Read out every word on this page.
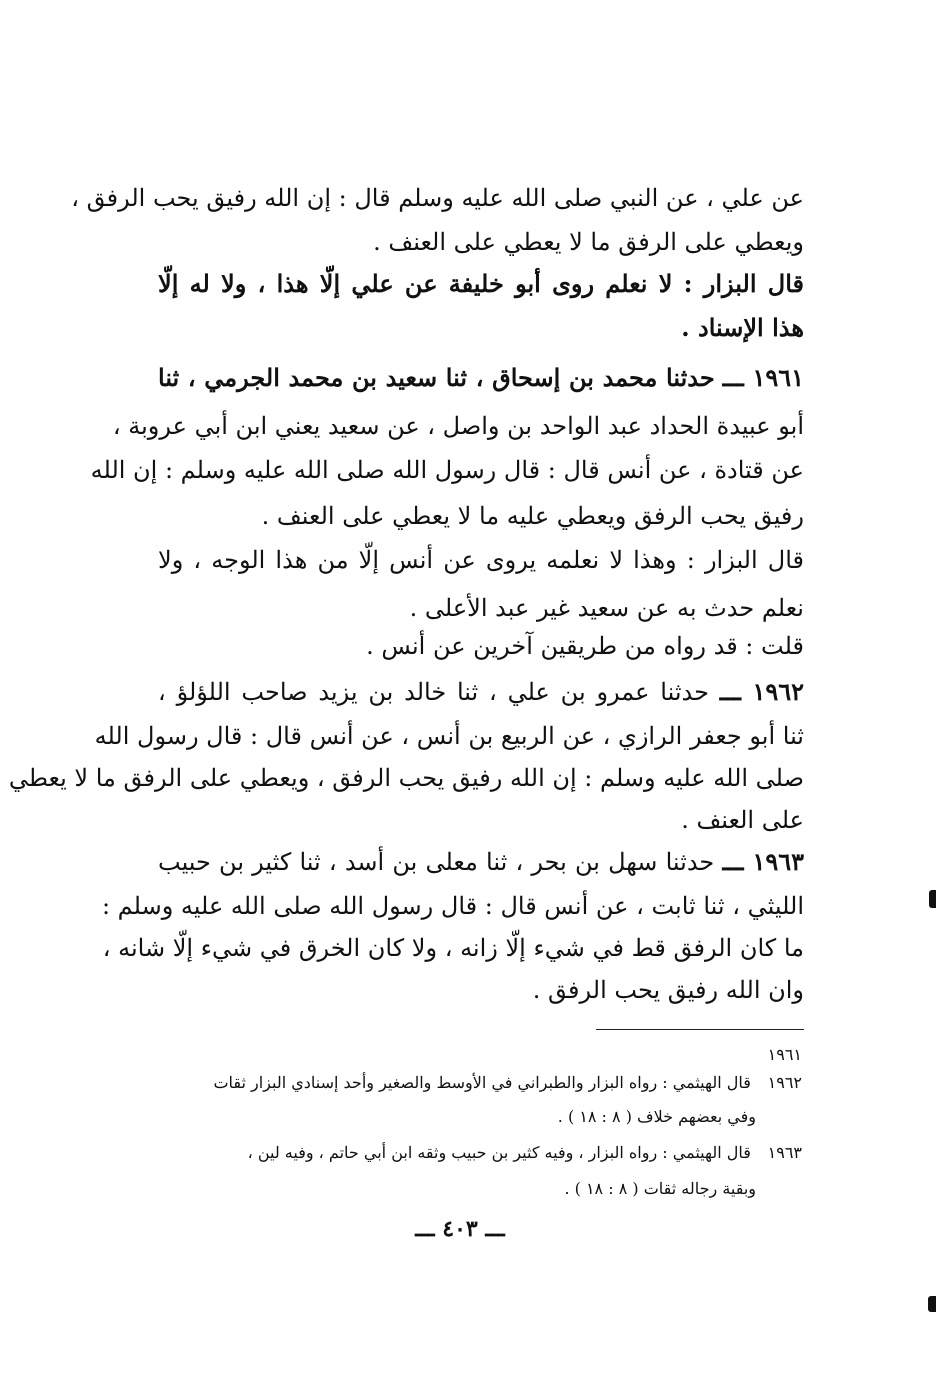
عن علي ، عن النبي صلى الله عليه وسلم قال : إن الله رفيق يحب الرفق ،
ويعطي على الرفق ما لا يعطي على العنف .
قال البزار : لا نعلم روى أبو خليفة عن علي إلّا هذا ، ولا له إلّا
هذا الإسناد .
١٩٦١ ـــ حدثنا محمد بن إسحاق ، ثنا سعيد بن محمد الجرمي ، ثنا
أبو عبيدة الحداد عبد الواحد بن واصل ، عن سعيد يعني ابن أبي عروبة ،
عن قتادة ، عن أنس قال : قال رسول الله صلى الله عليه وسلم : إن الله
رفيق يحب الرفق ويعطي عليه ما لا يعطي على العنف .
قال البزار : وهذا لا نعلمه يروى عن أنس إلّا من هذا الوجه ، ولا
نعلم حدث به عن سعيد غير عبد الأعلى .
قلت : قد رواه من طريقين آخرين عن أنس .
١٩٦٢ ـــ حدثنا عمرو بن علي ، ثنا خالد بن يزيد صاحب اللؤلؤ ،
ثنا أبو جعفر الرازي ، عن الربيع بن أنس ، عن أنس قال : قال رسول الله
صلى الله عليه وسلم : إن الله رفيق يحب الرفق ، ويعطي على الرفق ما لا يعطي
على العنف .
١٩٦٣ ـــ حدثنا سهل بن بحر ، ثنا معلى بن أسد ، ثنا كثير بن حبيب
الليثي ، ثنا ثابت ، عن أنس قال : قال رسول الله صلى الله عليه وسلم :
ما كان الرفق قط في شيء إلّا زانه ، ولا كان الخرق في شيء إلّا شانه ،
وان الله رفيق يحب الرفق .
١٩٦١
١٩٦٢ قال الهيثمي : رواه البزار والطبراني في الأوسط والصغير وأحد إسنادي البزار ثقات
وفي بعضهم خلاف ( ٨ : ١٨ ) .
١٩٦٣ قال الهيثمي : رواه البزار ، وفيه كثير بن حبيب وثقه ابن أبي حاتم ، وفيه لين ،
وبقية رجاله ثقات ( ٨ : ١٨ ) .
ـــ ٤٠٣ ـــ
